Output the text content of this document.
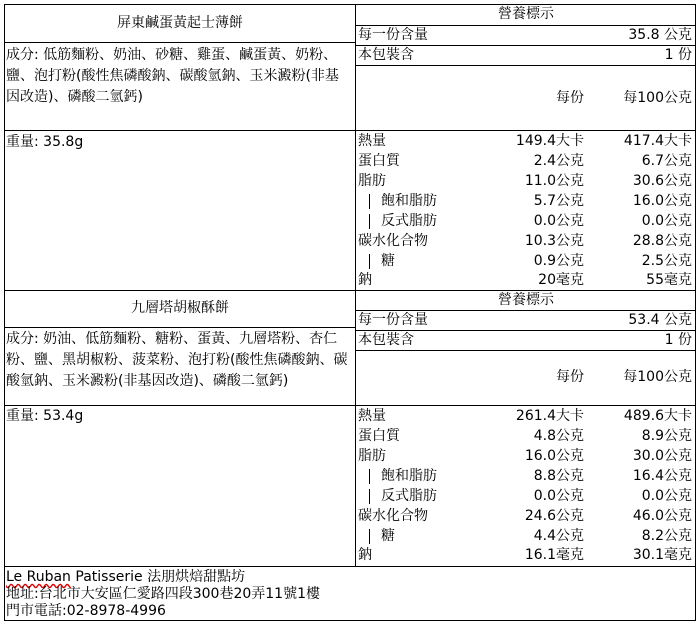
屏東鹹蛋黃起士薄餅
成分: 低筋麵粉、奶油、砂糖、雞蛋、鹹蛋黃、奶粉、鹽、泡打粉(酸性焦磷酸鈉、碳酸氫鈉、玉米澱粉(非基因改造)、磷酸二氫鈣)
重量: 35.8g
營養標示
每一份含量	35.8 公克
本包裝含	1 份
每份	每100公克
熱量	149.4大卡	417.4大卡
蛋白質	2.4公克	6.7公克
脂肪	11.0公克	30.6公克
飽和脂肪	5.7公克	16.0公克
反式脂肪	0.0公克	0.0公克
碳水化合物	10.3公克	28.8公克
糖	0.9公克	2.5公克
鈉	20毫克	55毫克
九層塔胡椒酥餅
成分: 奶油、低筋麵粉、糖粉、蛋黃、九層塔粉、杏仁粉、鹽、黑胡椒粉、菠菜粉、泡打粉(酸性焦磷酸鈉、碳酸氫鈉、玉米澱粉(非基因改造)、磷酸二氫鈣)
重量: 53.4g
營養標示
每一份含量	53.4 公克
本包裝含	1 份
每份	每100公克
熱量	261.4大卡	489.6大卡
蛋白質	4.8公克	8.9公克
脂肪	16.0公克	30.0公克
飽和脂肪	8.8公克	16.4公克
反式脂肪	0.0公克	0.0公克
碳水化合物	24.6公克	46.0公克
糖	4.4公克	8.2公克
鈉	16.1毫克	30.1毫克
Le Ruban Patisserie 法朋烘焙甜點坊
地址:台北市大安區仁愛路四段300巷20弄11號1樓
門市電話:02-8978-4996
